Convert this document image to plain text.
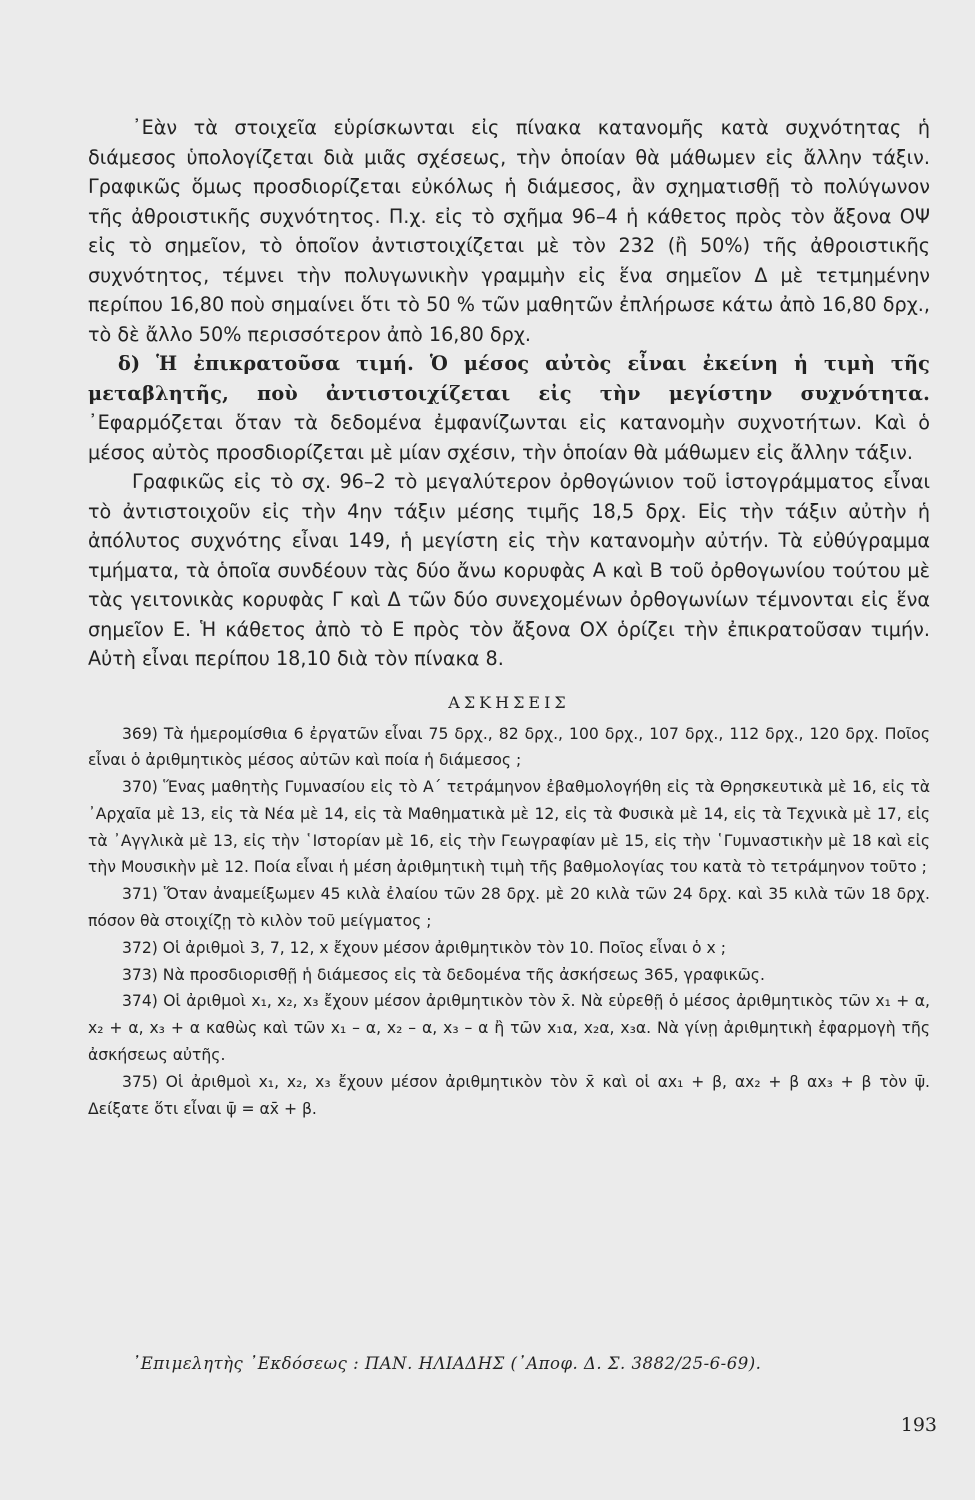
᾿Εὰν τὰ στοιχεῖα εὑρίσκωνται εἰς πίνακα κατανομῆς κατὰ συχνότητας ἡ διάμεσος ὑπολογίζεται διὰ μιᾶς σχέσεως, τὴν ὁποίαν θὰ μάθωμεν εἰς ἄλλην τάξιν. Γραφικῶς ὅμως προσδιορίζεται εὐκόλως ἡ διάμεσος, ἂν σχηματισθῇ τὸ πολύγωνον τῆς ἀθροιστικῆς συχνότητος. Π.χ. εἰς τὸ σχῆμα 96–4 ἡ κάθετος πρὸς τὸν ἄξονα ΟΨ εἰς τὸ σημεῖον, τὸ ὁποῖον ἀντιστοιχίζεται μὲ τὸν 232 (ἢ 50%) τῆς ἀθροιστικῆς συχνότητος, τέμνει τὴν πολυγωνικὴν γραμμὴν εἰς ἕνα σημεῖον Δ μὲ τετμημένην περίπου 16,80 ποὺ σημαίνει ὅτι τὸ 50 % τῶν μαθητῶν ἐπλήρωσε κάτω ἀπὸ 16,80 δρχ., τὸ δὲ ἄλλο 50% περισσότερον ἀπὸ 16,80 δρχ.

δ) Ἡ ἐπικρατοῦσα τιμή. Ὁ μέσος αὐτὸς εἶναι ἐκείνη ἡ τιμὴ τῆς μεταβλητῆς, ποὺ ἀντιστοιχίζεται εἰς τὴν μεγίστην συχνότητα. ᾿Εφαρμόζεται ὅταν τὰ δεδομένα ἐμφανίζωνται εἰς κατανομὴν συχνοτήτων. Καὶ ὁ μέσος αὐτὸς προσδιορίζεται μὲ μίαν σχέσιν, τὴν ὁποίαν θὰ μάθωμεν εἰς ἄλλην τάξιν.

Γραφικῶς εἰς τὸ σχ. 96–2 τὸ μεγαλύτερον ὀρθογώνιον τοῦ ἱστογράμματος εἶναι τὸ ἀντιστοιχοῦν εἰς τὴν 4ην τάξιν μέσης τιμῆς 18,5 δρχ. Εἰς τὴν τάξιν αὐτὴν ἡ ἀπόλυτος συχνότης εἶναι 149, ἡ μεγίστη εἰς τὴν κατανομὴν αὐτήν. Τὰ εὐθύγραμμα τμήματα, τὰ ὁποῖα συνδέουν τὰς δύο ἄνω κορυφὰς Α καὶ Β τοῦ ὀρθογωνίου τούτου μὲ τὰς γειτονικὰς κορυφὰς Γ καὶ Δ τῶν δύο συνεχομένων ὀρθογωνίων τέμνονται εἰς ἕνα σημεῖον Ε. Ἡ κάθετος ἀπὸ τὸ Ε πρὸς τὸν ἄξονα ΟΧ ὁρίζει τὴν ἐπικρατοῦσαν τιμήν. Αὐτὴ εἶναι περίπου 18,10 διὰ τὸν πίνακα 8.

ΑΣΚΗΣΕΙΣ

369) Τὰ ἡμερομίσθια 6 ἐργατῶν εἶναι 75 δρχ., 82 δρχ., 100 δρχ., 107 δρχ., 112 δρχ., 120 δρχ. Ποῖος εἶναι ὁ ἀριθμητικὸς μέσος αὐτῶν καὶ ποία ἡ διάμεσος ;

370) Ἕνας μαθητὴς Γυμνασίου εἰς τὸ Α΄ τετράμηνον ἐβαθμολογήθη εἰς τὰ Θρησκευτικὰ μὲ 16, εἰς τὰ ᾿Αρχαῖα μὲ 13, εἰς τὰ Νέα μὲ 14, εἰς τὰ Μαθηματικὰ μὲ 12, εἰς τὰ Φυσικὰ μὲ 14, εἰς τὰ Τεχνικὰ μὲ 17, εἰς τὰ ᾿Αγγλικὰ μὲ 13, εἰς τὴν ῾Ιστορίαν μὲ 16, εἰς τὴν Γεωγραφίαν μὲ 15, εἰς τὴν ῾Γυμναστικὴν μὲ 18 καὶ εἰς τὴν Μουσικὴν μὲ 12. Ποία εἶναι ἡ μέση ἀριθμητικὴ τιμὴ τῆς βαθμολογίας του κατὰ τὸ τετράμηνον τοῦτο ;

371) Ὅταν ἀναμείξωμεν 45 κιλὰ ἐλαίου τῶν 28 δρχ. μὲ 20 κιλὰ τῶν 24 δρχ. καὶ 35 κιλὰ τῶν 18 δρχ. πόσον θὰ στοιχίζῃ τὸ κιλὸν τοῦ μείγματος ;

372) Οἱ ἀριθμοὶ 3, 7, 12, x ἔχουν μέσον ἀριθμητικὸν τὸν 10. Ποῖος εἶναι ὁ x ;

373) Νὰ προσδιορισθῇ ἡ διάμεσος εἰς τὰ δεδομένα τῆς ἀσκήσεως 365, γραφικῶς.

374) Οἱ ἀριθμοὶ x₁, x₂, x₃ ἔχουν μέσον ἀριθμητικὸν τὸν x̄. Νὰ εὑρεθῇ ὁ μέσος ἀριθμητικὸς τῶν x₁ + α, x₂ + α, x₃ + α καθὼς καὶ τῶν x₁ – α, x₂ – α, x₃ – α ἢ τῶν x₁α, x₂α, x₃α. Νὰ γίνῃ ἀριθμητικὴ ἐφαρμογὴ τῆς ἀσκήσεως αὐτῆς.

375) Οἱ ἀριθμοὶ x₁, x₂, x₃ ἔχουν μέσον ἀριθμητικὸν τὸν x̄ καὶ οἱ αx₁ + β, αx₂ + β αx₃ + β τὸν ψ̄. Δείξατε ὅτι εἶναι ψ̄ = αx̄ + β.

᾿Επιμελητὴς ᾿Εκδόσεως : ΠΑΝ. ΗΛΙΑΔΗΣ (᾿Αποφ. Δ. Σ. 3882/25-6-69).
193
